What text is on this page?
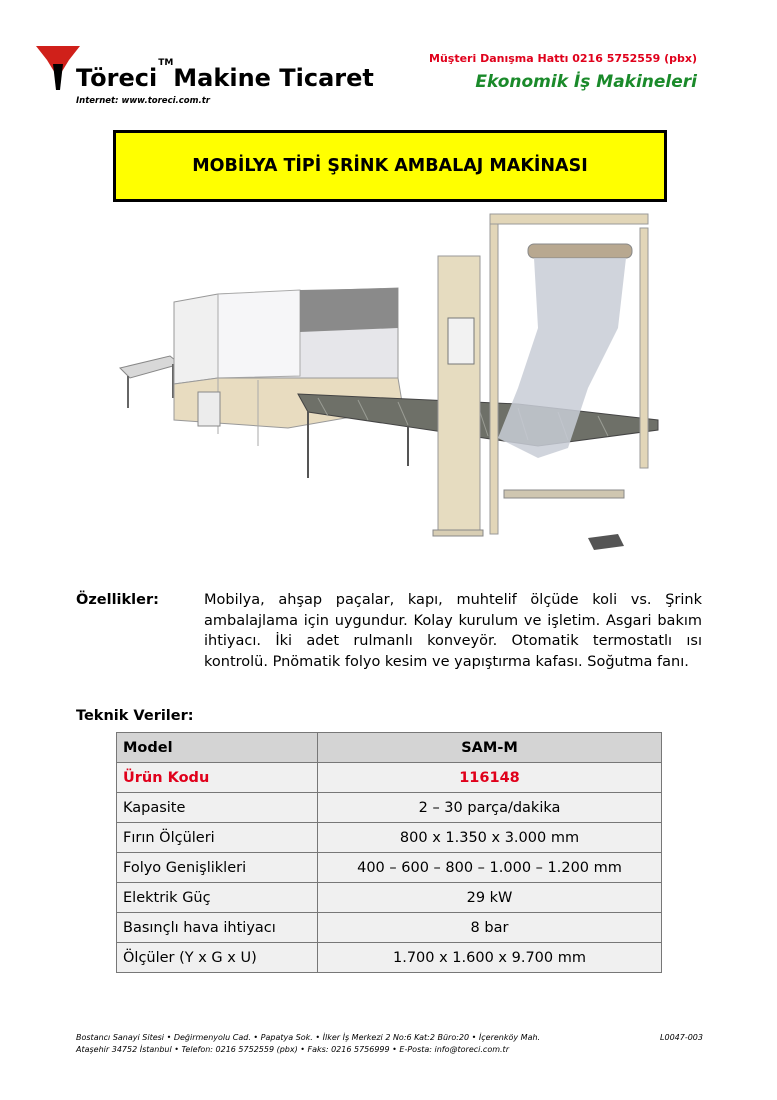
Töreci™Makine Ticaret
Internet: www.toreci.com.tr
Müşteri Danışma Hattı 0216 5752559 (pbx)
Ekonomik İş Makineleri
MOBİLYA TİPİ ŞRİNK AMBALAJ MAKİNASI
Özellikler:	Mobilya, ahşap paçalar, kapı, muhtelif ölçüde koli vs. Şrink ambalajlama için uygundur. Kolay kurulum ve işletim. Asgari bakım ihtiyacı. İki adet rulmanlı konveyör. Otomatik termostatlı ısı kontrolü. Pnömatik folyo kesim ve yapıştırma kafası. Soğutma fanı.
Teknik Veriler:
Model	SAM-M
Ürün Kodu	116148
Kapasite	2 – 30 parça/dakika
Fırın Ölçüleri	800 x 1.350 x 3.000 mm
Folyo Genişlikleri	400 – 600 – 800 – 1.000 – 1.200 mm
Elektrik Güç	29 kW
Basınçlı hava ihtiyacı	8 bar
Ölçüler (Y x G x U)	1.700 x 1.600 x 9.700 mm
Bostancı Sanayi Sitesi • Değirmenyolu Cad. • Papatya Sok. • İlker İş Merkezi 2 No:6 Kat:2 Büro:20 • İçerenköy Mah.
Ataşehir 34752 İstanbul • Telefon: 0216 5752559 (pbx) • Faks: 0216 5756999 • E-Posta: info@toreci.com.tr
L0047-003
